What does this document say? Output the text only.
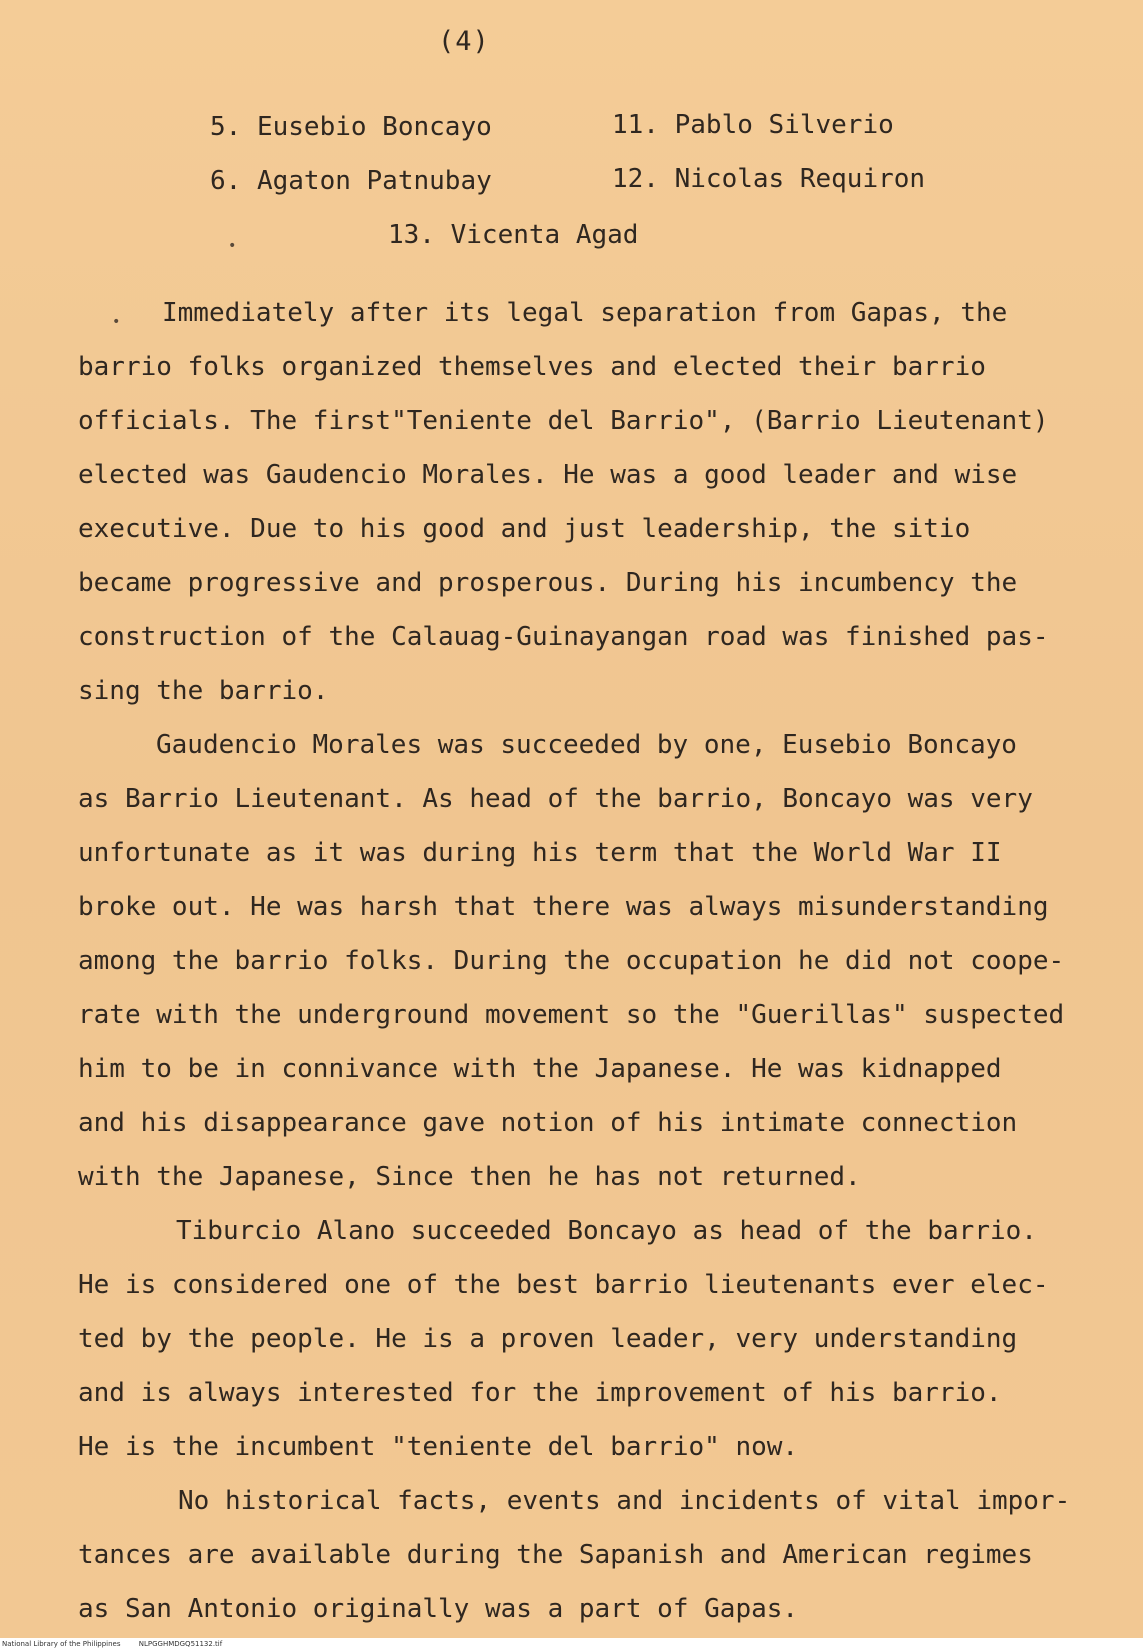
(4)
5. Eusebio Boncayo
6. Agaton Patnubay
11. Pablo Silverio
12. Nicolas Requiron
13. Vicenta Agad
Immediately after its legal separation from Gapas, the
barrio folks organized themselves and elected their barrio
officials. The first"Teniente del Barrio", (Barrio Lieutenant)
elected was Gaudencio Morales. He was a good leader and wise
executive. Due to his good and just leadership, the sitio
became progressive and prosperous. During his incumbency the
construction of the Calauag-Guinayangan road was finished pas-
sing the barrio.
Gaudencio Morales was succeeded by one, Eusebio Boncayo
as Barrio Lieutenant. As head of the barrio, Boncayo was very
unfortunate as it was during his term that the World War II
broke out. He was harsh that there was always misunderstanding
among the barrio folks. During the occupation he did not coope-
rate with the underground movement so the "Guerillas" suspected
him to be in connivance with the Japanese. He was kidnapped
and his disappearance gave notion of his intimate connection
with the Japanese, Since then he has not returned.
Tiburcio Alano succeeded Boncayo as head of the barrio.
He is considered one of the best barrio lieutenants ever elec-
ted by the people. He is a proven leader, very understanding
and is always interested for the improvement of his barrio.
He is the incumbent "teniente del barrio" now.
No historical facts, events and incidents of vital impor-
tances are available during the Sapanish and American regimes
as San Antonio originally was a part of Gapas.
•
•
National Library of the Philippines	NLPGGHMDGQ51132.tif
